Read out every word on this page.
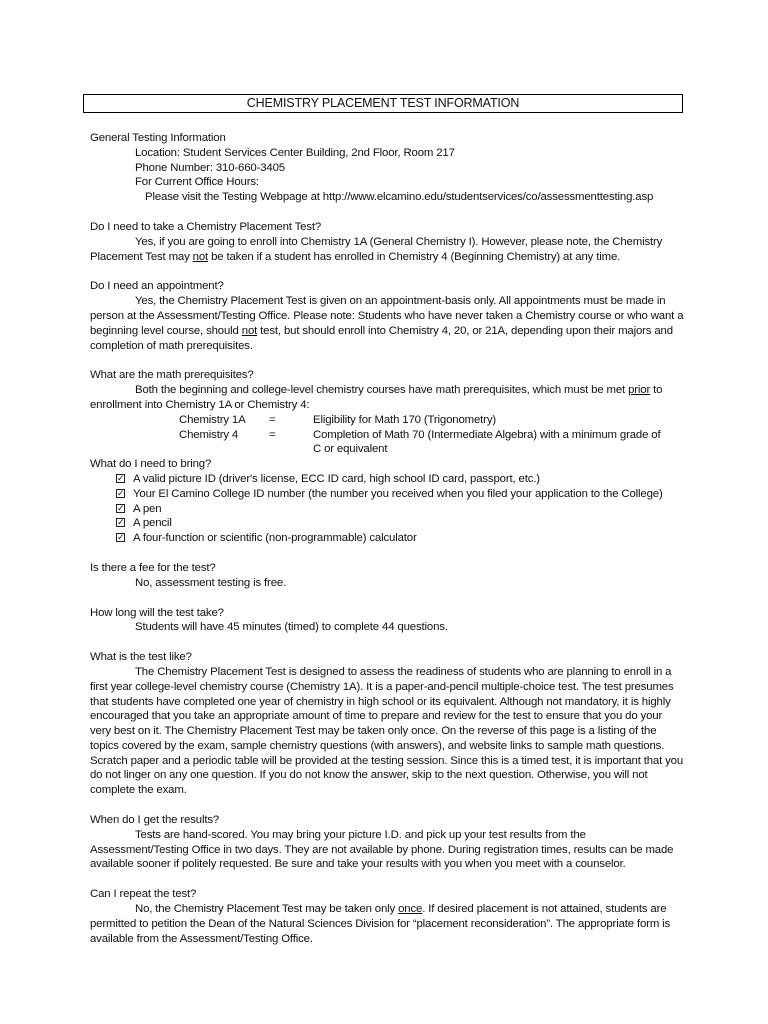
CHEMISTRY PLACEMENT TEST INFORMATION
General Testing Information
Location: Student Services Center Building, 2nd Floor, Room 217
Phone Number: 310-660-3405
For Current Office Hours:
Please visit the Testing Webpage at http://www.elcamino.edu/studentservices/co/assessmenttesting.asp
Do I need to take a Chemistry Placement Test?
Yes, if you are going to enroll into Chemistry 1A (General Chemistry I). However, please note, the Chemistry Placement Test may not be taken if a student has enrolled in Chemistry 4 (Beginning Chemistry) at any time.
Do I need an appointment?
Yes, the Chemistry Placement Test is given on an appointment-basis only. All appointments must be made in person at the Assessment/Testing Office. Please note: Students who have never taken a Chemistry course or who want a beginning level course, should not test, but should enroll into Chemistry 4, 20, or 21A, depending upon their majors and completion of math prerequisites.
What are the math prerequisites?
Both the beginning and college-level chemistry courses have math prerequisites, which must be met prior to enrollment into Chemistry 1A or Chemistry 4:
Chemistry 1A	=	Eligibility for Math 170 (Trigonometry)
Chemistry 4	=	Completion of Math 70 (Intermediate Algebra) with a minimum grade of C or equivalent
What do I need to bring?
✓ A valid picture ID (driver's license, ECC ID card, high school ID card, passport, etc.)
✓ Your El Camino College ID number (the number you received when you filed your application to the College)
✓ A pen
✓ A pencil
✓ A four-function or scientific (non-programmable) calculator
Is there a fee for the test?
No, assessment testing is free.
How long will the test take?
Students will have 45 minutes (timed) to complete 44 questions.
What is the test like?
The Chemistry Placement Test is designed to assess the readiness of students who are planning to enroll in a first year college-level chemistry course (Chemistry 1A). It is a paper-and-pencil multiple-choice test. The test presumes that students have completed one year of chemistry in high school or its equivalent. Although not mandatory, it is highly encouraged that you take an appropriate amount of time to prepare and review for the test to ensure that you do your very best on it. The Chemistry Placement Test may be taken only once. On the reverse of this page is a listing of the topics covered by the exam, sample chemistry questions (with answers), and website links to sample math questions. Scratch paper and a periodic table will be provided at the testing session. Since this is a timed test, it is important that you do not linger on any one question. If you do not know the answer, skip to the next question. Otherwise, you will not complete the exam.
When do I get the results?
Tests are hand-scored. You may bring your picture I.D. and pick up your test results from the Assessment/Testing Office in two days. They are not available by phone. During registration times, results can be made available sooner if politely requested. Be sure and take your results with you when you meet with a counselor.
Can I repeat the test?
No, the Chemistry Placement Test may be taken only once. If desired placement is not attained, students are permitted to petition the Dean of the Natural Sciences Division for “placement reconsideration”. The appropriate form is available from the Assessment/Testing Office.
